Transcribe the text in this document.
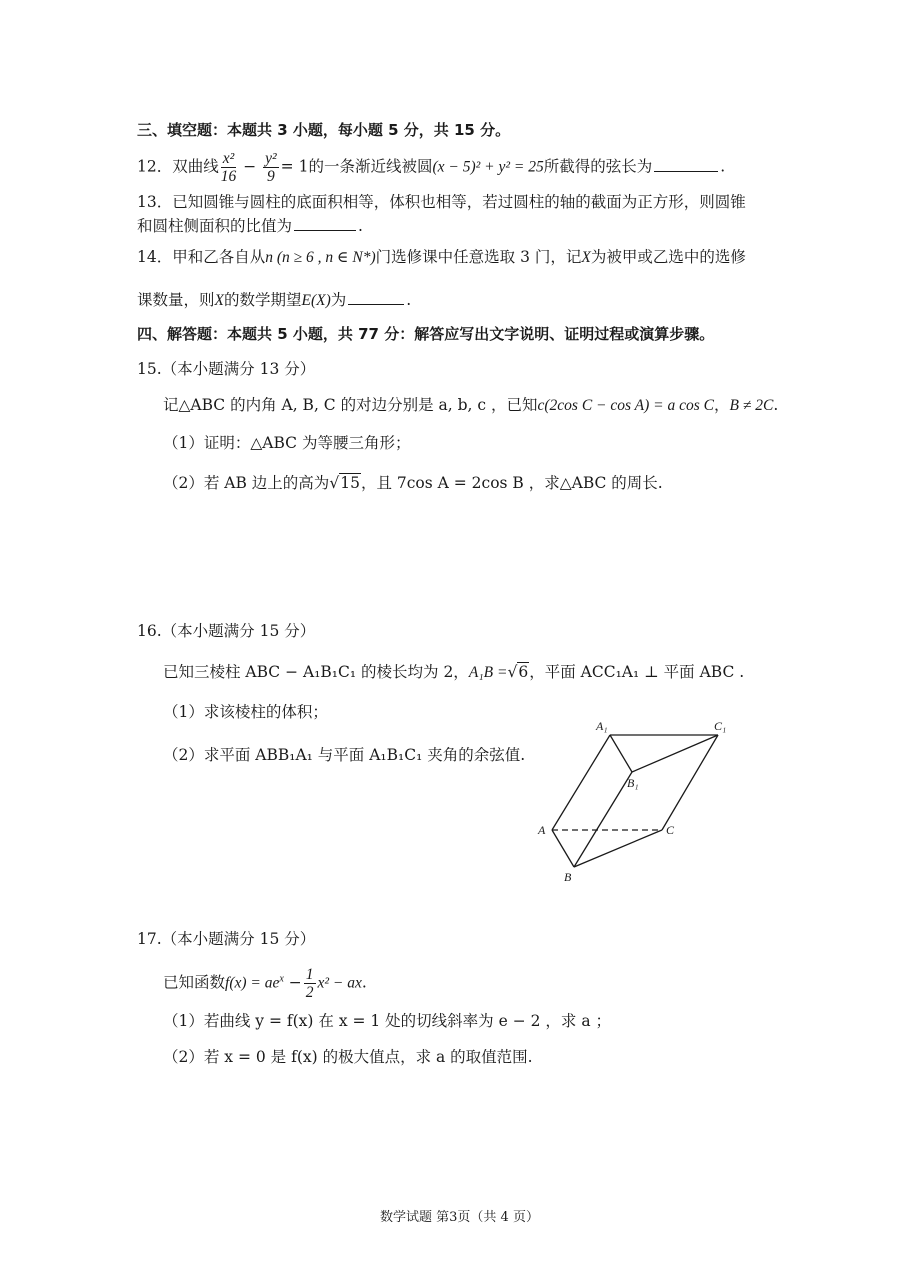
三、填空题：本题共 3 小题，每小题 5 分，共 15 分。
12．双曲线 $\frac{\text{x²}}{16} - \frac{\text{y²}}{9} = 1$的一条渐近线被圆(x − 5)² + y² = 25所截得的弦长为	.
13．已知圆锥与圆柱的底面积相等，体积也相等，若过圆柱的轴的截面为正方形，则圆锥
和圆柱侧面积的比值为	.
14．甲和乙各自从n (n ≥ 6 , n ∈ N*)门选修课中任意选取 3 门，记X为被甲或乙选中的选修
课数量，则X的数学期望E(X)为	.
四、解答题：本题共 5 小题，共 77 分：解答应写出文字说明、证明过程或演算步骤。
15.（本小题满分 13 分）
记△ABC 的内角 A, B, C 的对边分别是 a, b, c ，已知c(2cos C − cos A) = a cos C，B ≠ 2C.
（1）证明：△ABC 为等腰三角形；
（2）若 AB 边上的高为√15，且 7cos A = 2cos B ，求△ABC 的周长.
16.（本小题满分 15 分）
已知三棱柱 ABC − A₁B₁C₁ 的棱长均为 2，A₁B =√6，平面 ACC₁A₁ ⊥ 平面 ABC .
（1）求该棱柱的体积；
（2）求平面 ABB₁A₁ 与平面 A₁B₁C₁ 夹角的余弦值.
A₁	C₁
B₁
A	C
B
17.（本小题满分 15 分）
已知函数$f(x) = ae^x - \frac{1}{2} x^2$ − ax.
（1）若曲线 y = f(x) 在 x = 1 处的切线斜率为 e − 2 ，求 a ；
（2）若 x = 0 是 f(x) 的极大值点，求 a 的取值范围.
数学试题 第3页（共 4 页）
